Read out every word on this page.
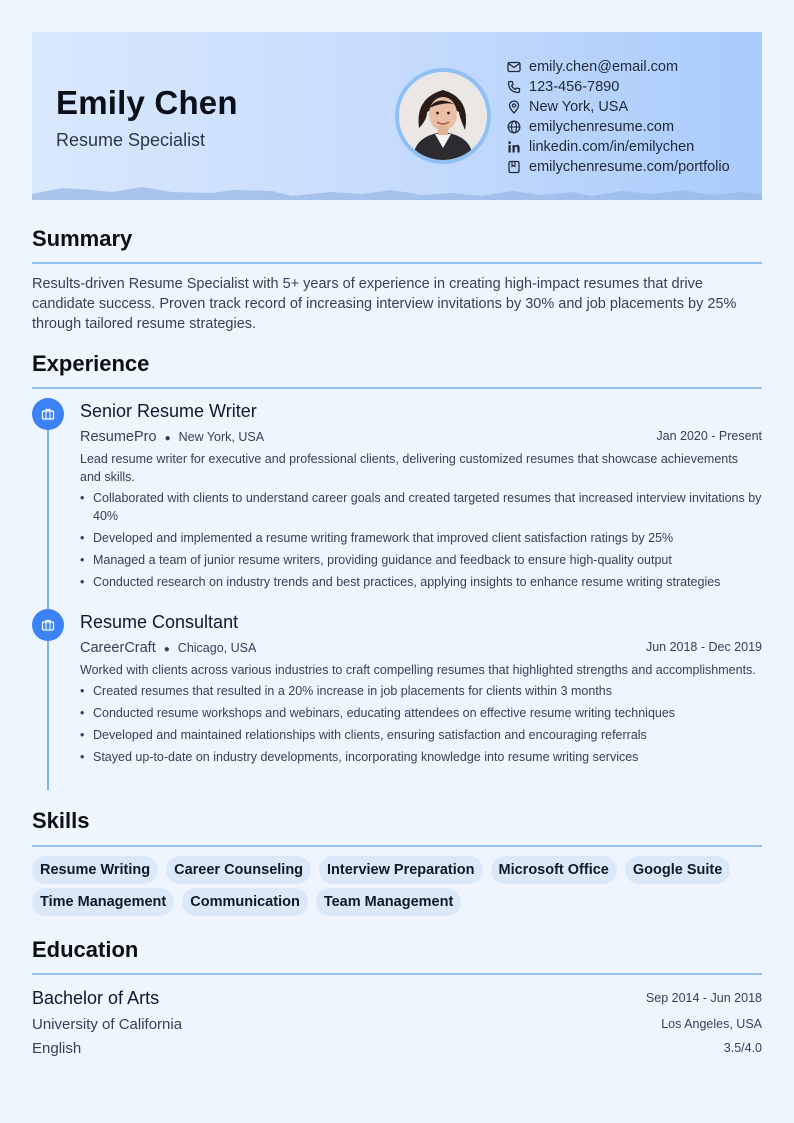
Emily Chen
Resume Specialist
emily.chen@email.com
123-456-7890
New York, USA
emilychenresume.com
linkedin.com/in/emilychen
emilychenresume.com/portfolio
Summary
Results-driven Resume Specialist with 5+ years of experience in creating high-impact resumes that drive candidate success. Proven track record of increasing interview invitations by 30% and job placements by 25% through tailored resume strategies.
Experience
Senior Resume Writer
ResumePro ● New York, USA	Jan 2020 - Present
Lead resume writer for executive and professional clients, delivering customized resumes that showcase achievements and skills.
• Collaborated with clients to understand career goals and created targeted resumes that increased interview invitations by 40%
• Developed and implemented a resume writing framework that improved client satisfaction ratings by 25%
• Managed a team of junior resume writers, providing guidance and feedback to ensure high-quality output
• Conducted research on industry trends and best practices, applying insights to enhance resume writing strategies
Resume Consultant
CareerCraft ● Chicago, USA	Jun 2018 - Dec 2019
Worked with clients across various industries to craft compelling resumes that highlighted strengths and accomplishments.
• Created resumes that resulted in a 20% increase in job placements for clients within 3 months
• Conducted resume workshops and webinars, educating attendees on effective resume writing techniques
• Developed and maintained relationships with clients, ensuring satisfaction and encouraging referrals
• Stayed up-to-date on industry developments, incorporating knowledge into resume writing services
Skills
Resume Writing	Career Counseling	Interview Preparation	Microsoft Office	Google Suite
Time Management	Communication	Team Management
Education
Bachelor of Arts	Sep 2014 - Jun 2018
University of California	Los Angeles, USA
English	3.5/4.0
